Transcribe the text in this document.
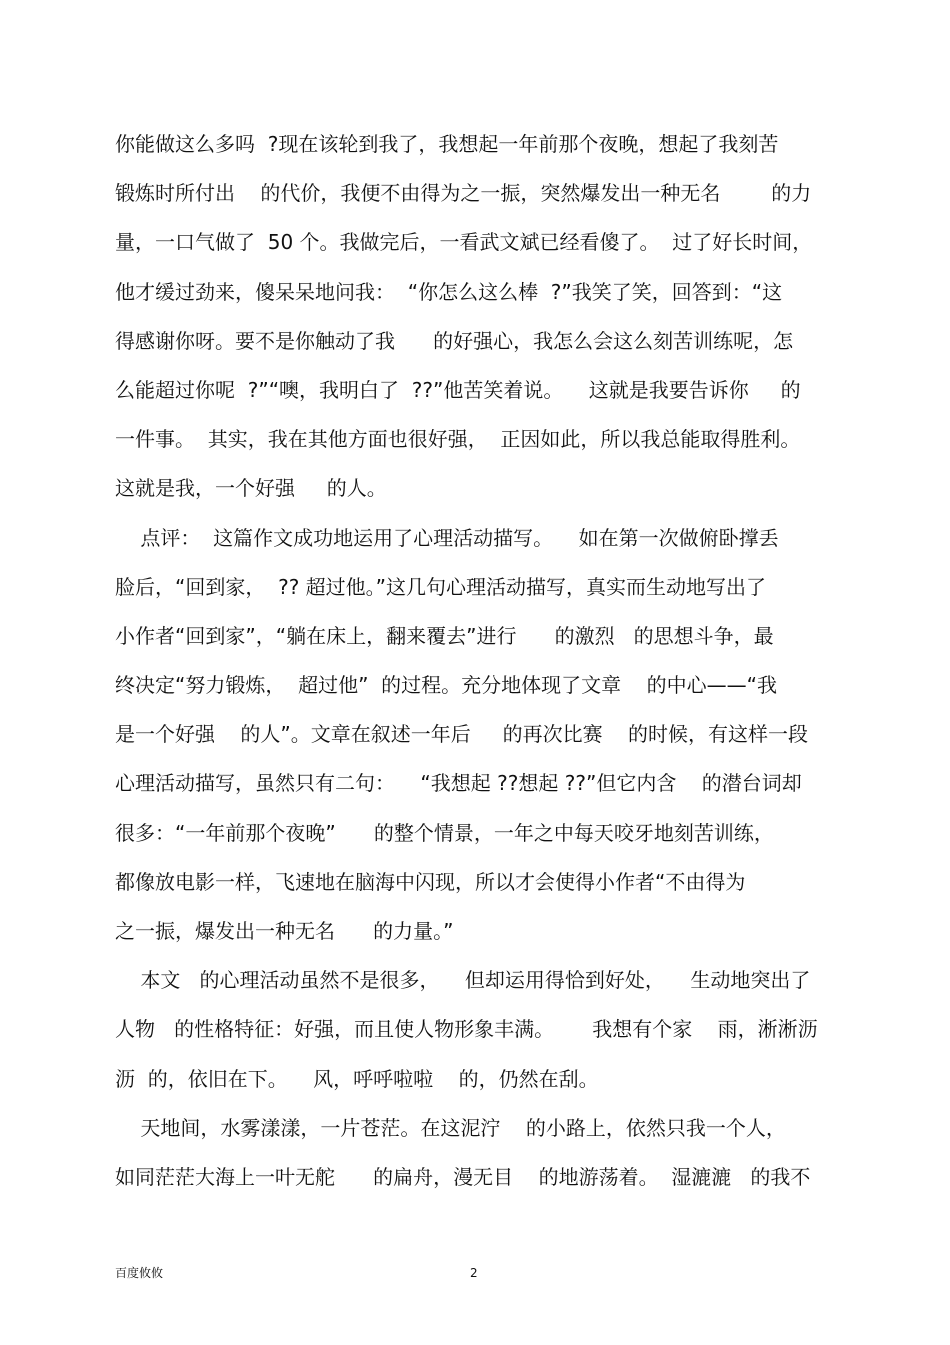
你能做这么多吗  ?现在该轮到我了，我想起一年前那个夜晚，想起了我刻苦
锻炼时所付出    的代价，我便不由得为之一振，突然爆发出一种无名        的力
量，一口气做了  50 个。我做完后，一看武文斌已经看傻了。  过了好长时间，
他才缓过劲来，傻呆呆地问我：  “你怎么这么棒  ?”我笑了笑，回答到：“这
得感谢你呀。要不是你触动了我      的好强心，我怎么会这么刻苦训练呢，怎
么能超过你呢  ?”“噢，我明白了  ??”他苦笑着说。    这就是我要告诉你     的
一件事。  其实，我在其他方面也很好强，  正因如此，所以我总能取得胜利。
这就是我，一个好强     的人。
点评：  这篇作文成功地运用了心理活动描写。    如在第一次做俯卧撑丢
脸后，“回到家，  ?? 超过他。”这几句心理活动描写，真实而生动地写出了
小作者“回到家”，“躺在床上，翻来覆去”进行      的激烈   的思想斗争，最
终决定“努力锻炼，  超过他”  的过程。充分地体现了文章    的中心——“我
是一个好强    的人”。文章在叙述一年后     的再次比赛    的时候，有这样一段
心理活动描写，虽然只有二句：    “我想起 ??想起 ??”但它内含    的潜台词却
很多：“一年前那个夜晚”      的整个情景，一年之中每天咬牙地刻苦训练，
都像放电影一样，飞速地在脑海中闪现，所以才会使得小作者“不由得为
之一振，爆发出一种无名      的力量。”
本文   的心理活动虽然不是很多，    但却运用得恰到好处，    生动地突出了
人物   的性格特征：好强，而且使人物形象丰满。      我想有个家    雨，淅淅沥
沥  的，依旧在下。    风，呼呼啦啦    的，仍然在刮。
天地间，水雾漾漾，一片苍茫。在这泥泞    的小路上，依然只我一个人，
如同茫茫大海上一叶无舵      的扁舟，漫无目    的地游荡着。  湿漉漉   的我不
百度攸攸	2
